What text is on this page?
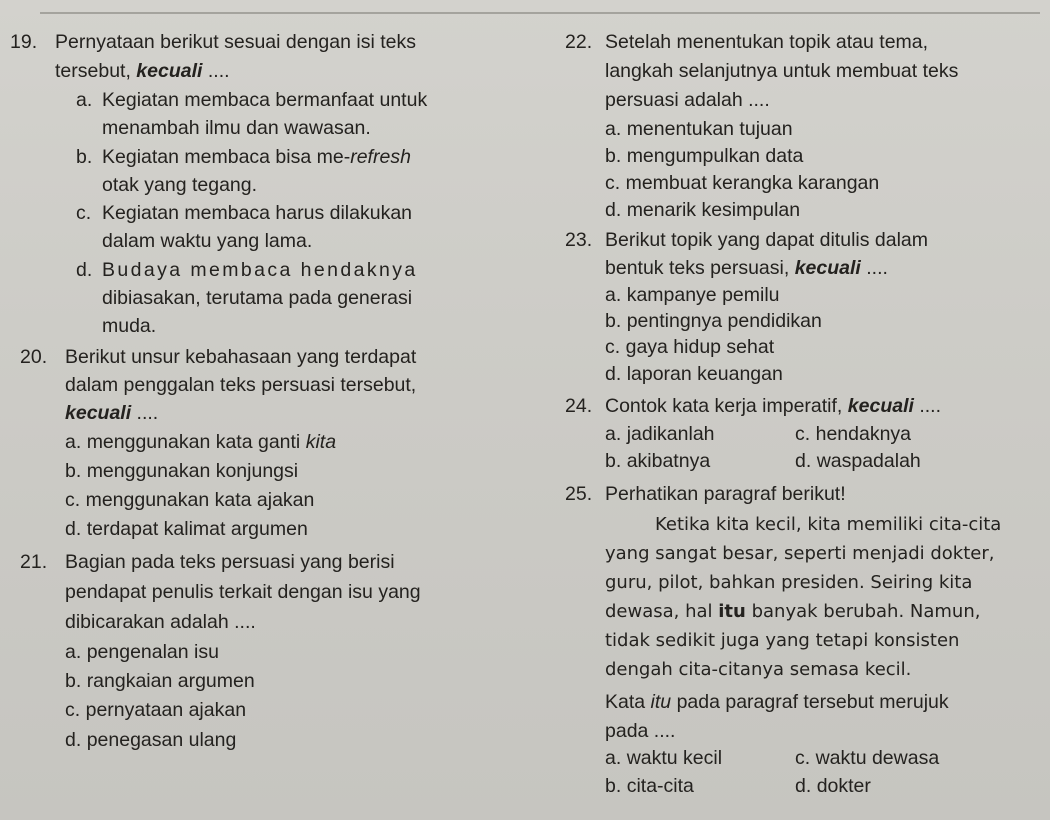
19. Pernyataan berikut sesuai dengan isi teks
tersebut, kecuali ....
a. Kegiatan membaca bermanfaat untuk
menambah ilmu dan wawasan.
b. Kegiatan membaca bisa me-refresh
otak yang tegang.
c. Kegiatan membaca harus dilakukan
dalam waktu yang lama.
d. Budaya membaca hendaknya
dibiasakan, terutama pada generasi
muda.
20. Berikut unsur kebahasaan yang terdapat
dalam penggalan teks persuasi tersebut,
kecuali ....
a. menggunakan kata ganti kita
b. menggunakan konjungsi
c. menggunakan kata ajakan
d. terdapat kalimat argumen
21. Bagian pada teks persuasi yang berisi
pendapat penulis terkait dengan isu yang
dibicarakan adalah ....
a. pengenalan isu
b. rangkaian argumen
c. pernyataan ajakan
d. penegasan ulang
22. Setelah menentukan topik atau tema,
langkah selanjutnya untuk membuat teks
persuasi adalah ....
a. menentukan tujuan
b. mengumpulkan data
c. membuat kerangka karangan
d. menarik kesimpulan
23. Berikut topik yang dapat ditulis dalam
bentuk teks persuasi, kecuali ....
a. kampanye pemilu
b. pentingnya pendidikan
c. gaya hidup sehat
d. laporan keuangan
24. Contok kata kerja imperatif, kecuali ....
a. jadikanlah	c. hendaknya
b. akibatnya	d. waspadalah
25. Perhatikan paragraf berikut!
Ketika kita kecil, kita memiliki cita-cita
yang sangat besar, seperti menjadi dokter,
guru, pilot, bahkan presiden. Seiring kita
dewasa, hal itu banyak berubah. Namun,
tidak sedikit juga yang tetapi konsisten
dengah cita-citanya semasa kecil.
Kata itu pada paragraf tersebut merujuk
pada ....
a. waktu kecil	c. waktu dewasa
b. cita-cita	d. dokter
